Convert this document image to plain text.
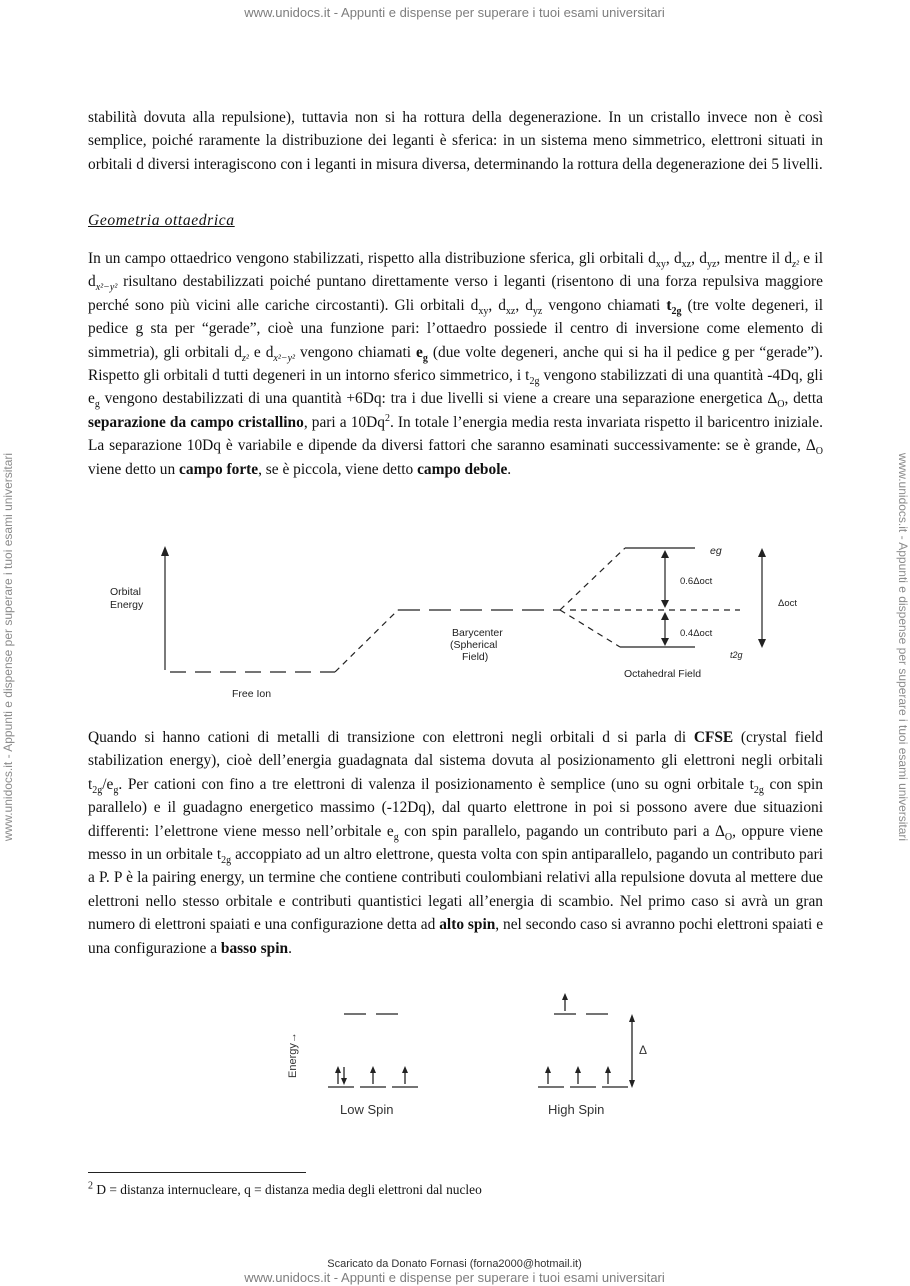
www.unidocs.it - Appunti e dispense per superare i tuoi esami universitari
www.unidocs.it - Appunti e dispense per superare i tuoi esami universitari	www.unidocs.it - Appunti e dispense per superare i tuoi esami universitari

stabilità dovuta alla repulsione), tuttavia non si ha rottura della degenerazione. In un cristallo invece non è così semplice, poiché raramente la distribuzione dei leganti è sferica: in un sistema meno simmetrico, elettroni situati in orbitali d diversi interagiscono con i leganti in misura diversa, determinando la rottura della degenerazione dei 5 livelli.

Geometria ottaedrica

In un campo ottaedrico vengono stabilizzati, rispetto alla distribuzione sferica, gli orbitali $d_{xy}$, $d_{xz}$, $d_{yz}$, mentre il $d_{z^2}$ e il $d_{x^2-y^2}$ risultano destabilizzati poiché puntano direttamente verso i leganti (risentono di una forza repulsiva maggiore perché sono più vicini alle cariche circostanti). Gli orbitali $d_{xy}$, $d_{xz}$, $d_{yz}$ vengono chiamati $t_{2g}$ (tre volte degeneri, il pedice g sta per “gerade”, cioè una funzione pari: l’ottaedro possiede il centro di inversione come elemento di simmetria), gli orbitali $d_{z^2}$ e $d_{x^2-y^2}$ vengono chiamati $e_g$ (due volte degeneri, anche qui si ha il pedice g per “gerade”). Rispetto gli orbitali d tutti degeneri in un intorno sferico simmetrico, i $t_{2g}$ vengono stabilizzati di una quantità -4Dq, gli $e_g$ vengono destabilizzati di una quantità +6Dq: tra i due livelli si viene a creare una separazione energetica $\Delta_O$, detta separazione da campo cristallino, pari a 10Dq$^2$. In totale l’energia media resta invariata rispetto il baricentro iniziale. La separazione 10Dq è variabile e dipende da diversi fattori che saranno esaminati successivamente: se è grande, $\Delta_O$ viene detto un campo forte, se è piccola, viene detto campo debole.

Orbital
Energy
Free Ion
Barycenter
(Spherical
Field)
Octahedral Field
eg
t2g
0.6Δoct
0.4Δoct
Δoct

Quando si hanno cationi di metalli di transizione con elettroni negli orbitali d si parla di CFSE (crystal field stabilization energy), cioè dell’energia guadagnata dal sistema dovuta al posizionamento gli elettroni negli orbitali $t_{2g}/e_g$. Per cationi con fino a tre elettroni di valenza il posizionamento è semplice (uno su ogni orbitale $t_{2g}$ con spin parallelo) e il guadagno energetico massimo (-12Dq), dal quarto elettrone in poi si possono avere due situazioni differenti: l’elettrone viene messo nell’orbitale $e_g$ con spin parallelo, pagando un contributo pari a $\Delta_O$, oppure viene messo in un orbitale $t_{2g}$ accoppiato ad un altro elettrone, questa volta con spin antiparallelo, pagando un contributo pari a P. P è la pairing energy, un termine che contiene contributi coulombiani relativi alla repulsione dovuta al mettere due elettroni nello stesso orbitale e contributi quantistici legati all’energia di scambio. Nel primo caso si avrà un gran numero di elettroni spaiati e una configurazione detta ad alto spin, nel secondo caso si avranno pochi elettroni spaiati e una configurazione a basso spin.

Energy→
Low Spin	High Spin
Δ
$^2$ D = distanza internucleare, q = distanza media degli elettroni dal nucleo
Scaricato da Donato Fornasi (forna2000@hotmail.it)
www.unidocs.it - Appunti e dispense per superare i tuoi esami universitari
